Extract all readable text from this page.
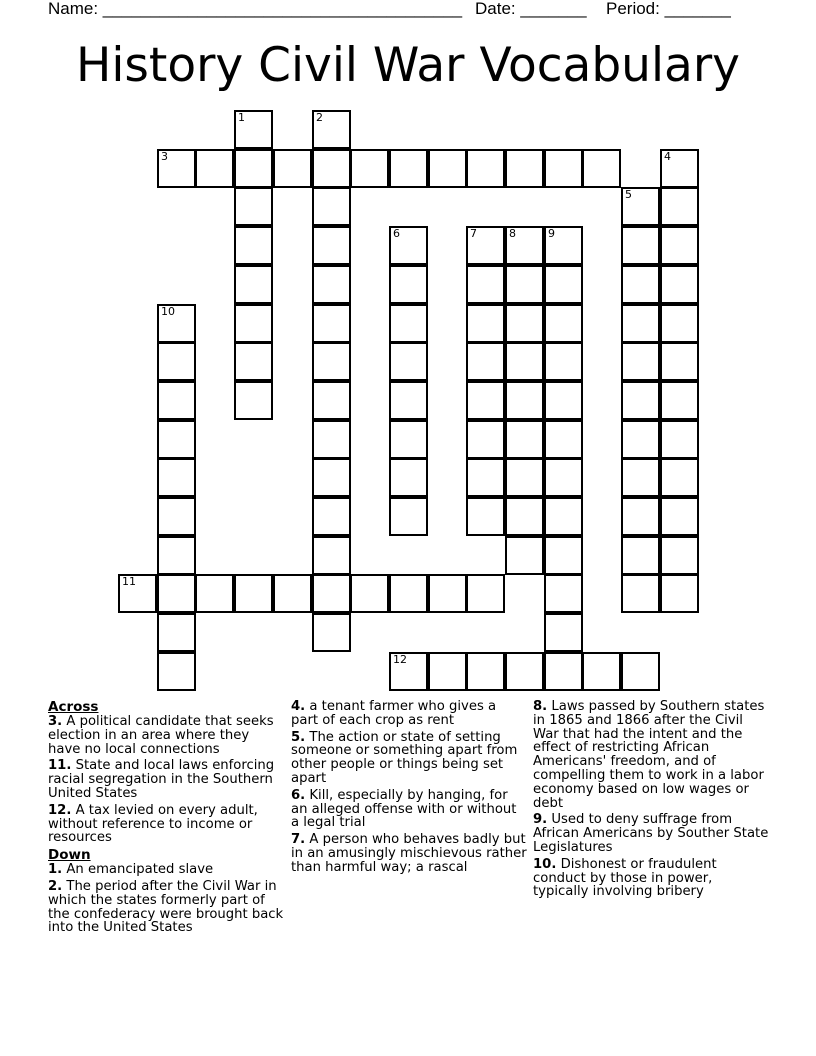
Name: ______________________________________ Date: _______ Period: _______
History Civil War Vocabulary
1	2
3	4
5
6	7	8	9
10
11
12
Across
3. A political candidate that seeks election in an area where they have no local connections
11. State and local laws enforcing racial segregation in the Southern United States
12. A tax levied on every adult, without reference to income or resources
Down
1. An emancipated slave
2. The period after the Civil War in which the states formerly part of the confederacy were brought back into the United States
4. a tenant farmer who gives a part of each crop as rent
5. The action or state of setting someone or something apart from other people or things being set apart
6. Kill, especially by hanging, for an alleged offense with or without a legal trial
7. A person who behaves badly but in an amusingly mischievous rather than harmful way; a rascal
8. Laws passed by Southern states in 1865 and 1866 after the Civil War that had the intent and the effect of restricting African Americans' freedom, and of compelling them to work in a labor economy based on low wages or debt
9. Used to deny suffrage from African Americans by Souther State Legislatures
10. Dishonest or fraudulent conduct by those in power, typically involving bribery
